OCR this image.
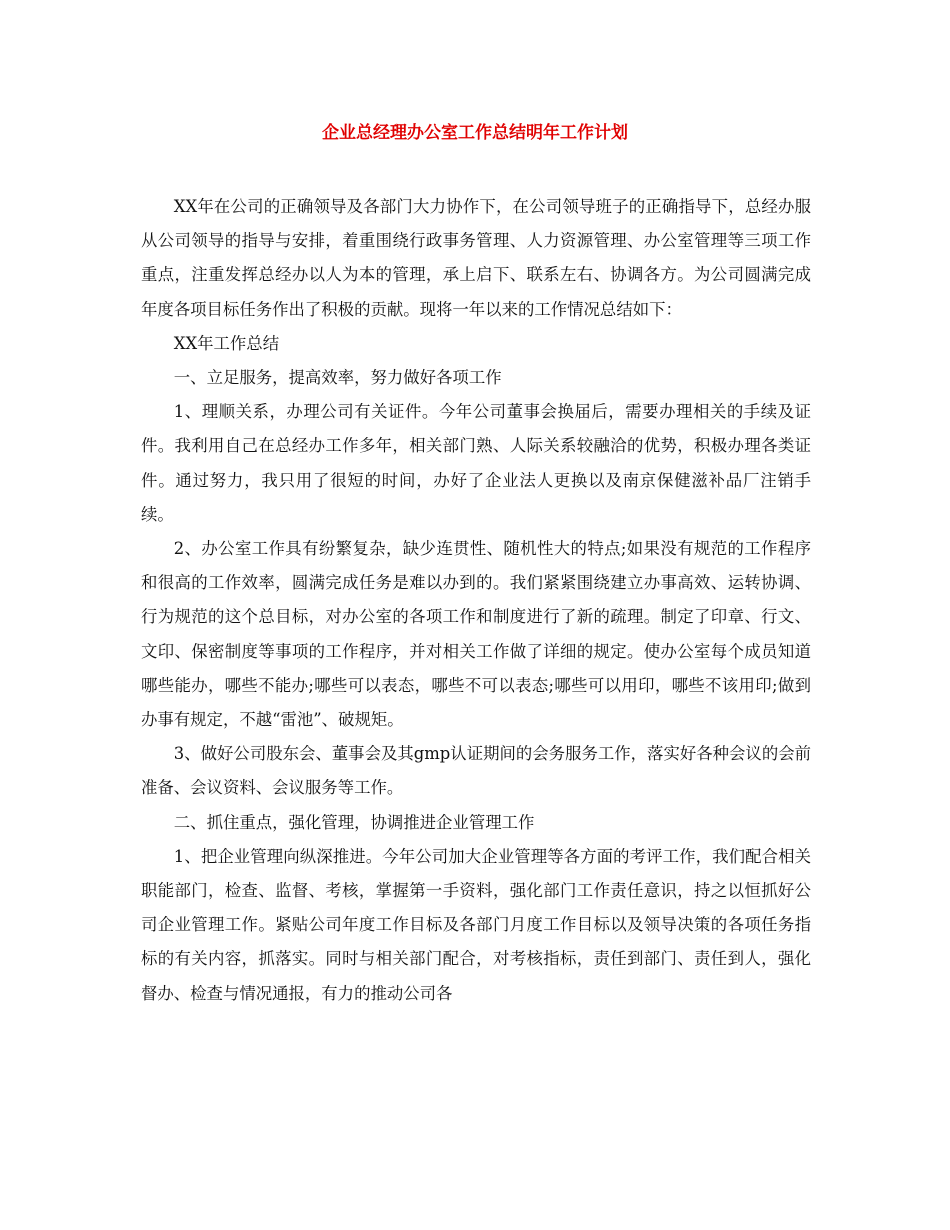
企业总经理办公室工作总结明年工作计划

XX年在公司的正确领导及各部门大力协作下，在公司领导班子的正确指导下，总经办服从公司领导的指导与安排，着重围绕行政事务管理、人力资源管理、办公室管理等三项工作重点，注重发挥总经办以人为本的管理，承上启下、联系左右、协调各方。为公司圆满完成年度各项目标任务作出了积极的贡献。现将一年以来的工作情况总结如下：

XX年工作总结

一、立足服务，提高效率，努力做好各项工作

1、理顺关系，办理公司有关证件。今年公司董事会换届后，需要办理相关的手续及证件。我利用自己在总经办工作多年，相关部门熟、人际关系较融洽的优势，积极办理各类证件。通过努力，我只用了很短的时间，办好了企业法人更换以及南京保健滋补品厂注销手续。

2、办公室工作具有纷繁复杂，缺少连贯性、随机性大的特点;如果没有规范的工作程序和很高的工作效率，圆满完成任务是难以办到的。我们紧紧围绕建立办事高效、运转协调、行为规范的这个总目标，对办公室的各项工作和制度进行了新的疏理。制定了印章、行文、文印、保密制度等事项的工作程序，并对相关工作做了详细的规定。使办公室每个成员知道哪些能办，哪些不能办;哪些可以表态，哪些不可以表态;哪些可以用印，哪些不该用印;做到办事有规定，不越“雷池”、破规矩。

3、做好公司股东会、董事会及其gmp认证期间的会务服务工作，落实好各种会议的会前准备、会议资料、会议服务等工作。

二、抓住重点，强化管理，协调推进企业管理工作

1、把企业管理向纵深推进。今年公司加大企业管理等各方面的考评工作，我们配合相关职能部门，检查、监督、考核，掌握第一手资料，强化部门工作责任意识，持之以恒抓好公司企业管理工作。紧贴公司年度工作目标及各部门月度工作目标以及领导决策的各项任务指标的有关内容，抓落实。同时与相关部门配合，对考核指标，责任到部门、责任到人，强化督办、检查与情况通报，有力的推动公司各
